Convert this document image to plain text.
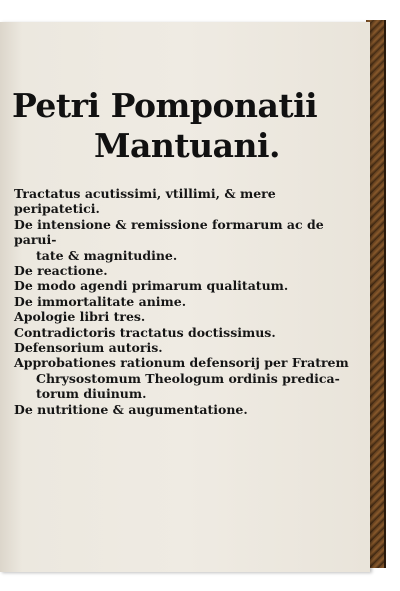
Petri Pomponatii
Mantuani.
Tractatus acutissimi, vtillimi, & mere peripatetici.
De intensione & remissione formarum ac de parui-
tate & magnitudine.
De reactione.
De modo agendi primarum qualitatum.
De immortalitate anime.
Apologie libri tres.
Contradictoris tractatus doctissimus.
Defensorium autoris.
Approbationes rationum defensorij per Fratrem
Chrysostomum Theologum ordinis predica-
torum diuinum.
De nutritione & augumentatione.
